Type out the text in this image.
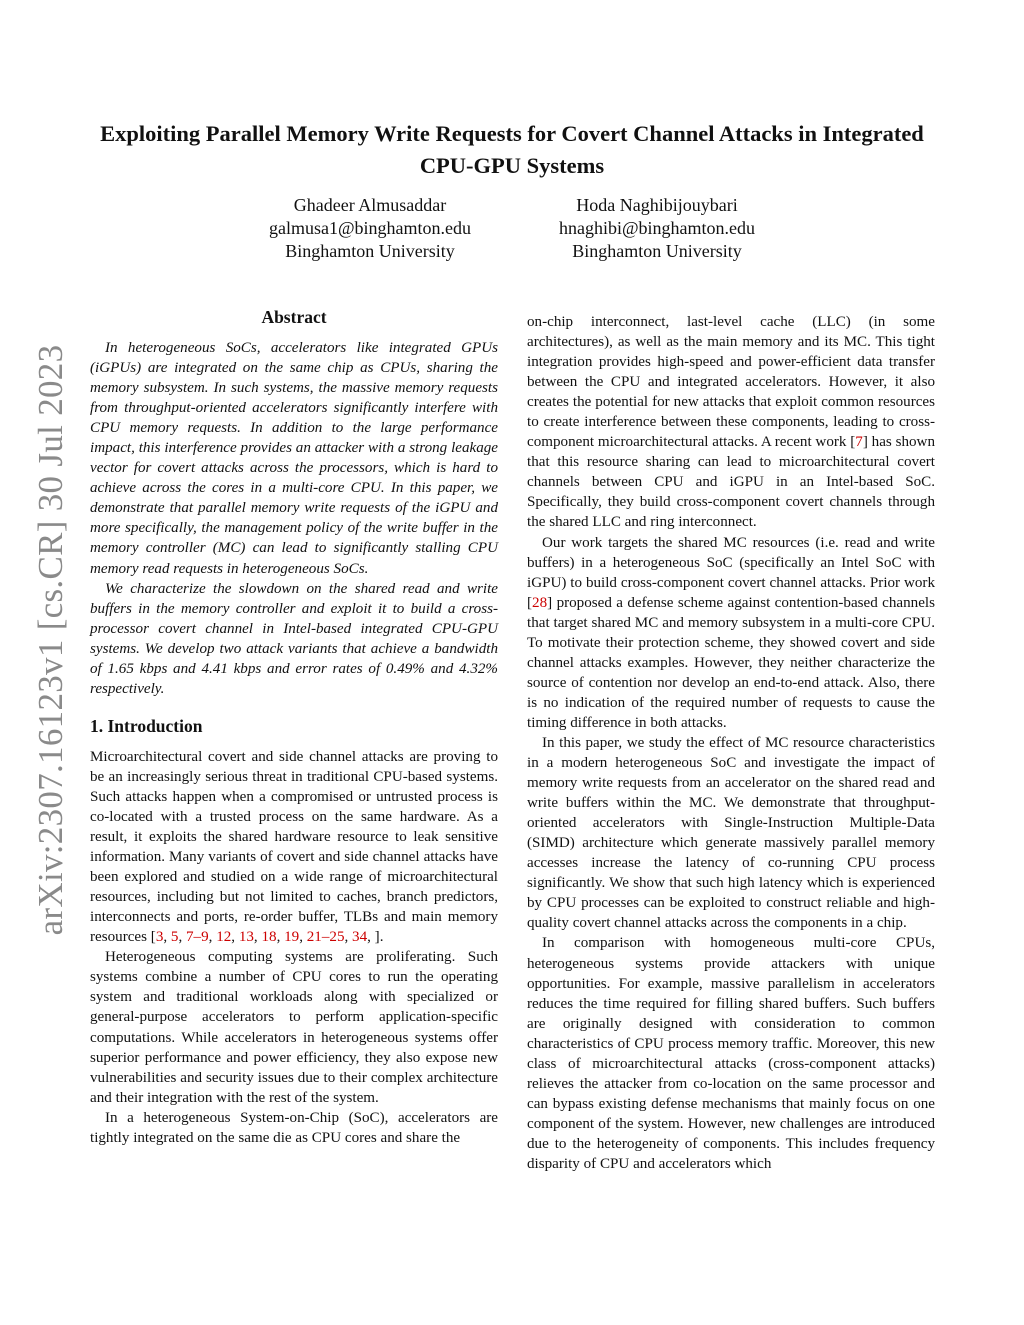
arXiv:2307.16123v1 [cs.CR] 30 Jul 2023
Exploiting Parallel Memory Write Requests for Covert Channel Attacks in Integrated CPU-GPU Systems
Ghadeer Almusaddar
galmusa1@binghamton.edu
Binghamton University
Hoda Naghibijouybari
hnaghibi@binghamton.edu
Binghamton University
Abstract

In heterogeneous SoCs, accelerators like integrated GPUs (iGPUs) are integrated on the same chip as CPUs, sharing the memory subsystem. In such systems, the massive memory requests from throughput-oriented accelerators significantly interfere with CPU memory requests. In addition to the large performance impact, this interference provides an attacker with a strong leakage vector for covert attacks across the processors, which is hard to achieve across the cores in a multi-core CPU. In this paper, we demonstrate that parallel memory write requests of the iGPU and more specifically, the management policy of the write buffer in the memory controller (MC) can lead to significantly stalling CPU memory read requests in heterogeneous SoCs.

We characterize the slowdown on the shared read and write buffers in the memory controller and exploit it to build a cross-processor covert channel in Intel-based integrated CPU-GPU systems. We develop two attack variants that achieve a bandwidth of 1.65 kbps and 4.41 kbps and error rates of 0.49% and 4.32% respectively.

1. Introduction

Microarchitectural covert and side channel attacks are proving to be an increasingly serious threat in traditional CPU-based systems. Such attacks happen when a compromised or untrusted process is co-located with a trusted process on the same hardware. As a result, it exploits the shared hardware resource to leak sensitive information. Many variants of covert and side channel attacks have been explored and studied on a wide range of microarchitectural resources, including but not limited to caches, branch predictors, interconnects and ports, re-order buffer, TLBs and main memory resources [3, 5, 7–9, 12, 13, 18, 19, 21–25, 34, ].

Heterogeneous computing systems are proliferating. Such systems combine a number of CPU cores to run the operating system and traditional workloads along with specialized or general-purpose accelerators to perform application-specific computations. While accelerators in heterogeneous systems offer superior performance and power efficiency, they also expose new vulnerabilities and security issues due to their complex architecture and their integration with the rest of the system.

In a heterogeneous System-on-Chip (SoC), accelerators are tightly integrated on the same die as CPU cores and share the

on-chip interconnect, last-level cache (LLC) (in some architectures), as well as the main memory and its MC. This tight integration provides high-speed and power-efficient data transfer between the CPU and integrated accelerators. However, it also creates the potential for new attacks that exploit common resources to create interference between these components, leading to cross-component microarchitectural attacks. A recent work [7] has shown that this resource sharing can lead to microarchitectural covert channels between CPU and iGPU in an Intel-based SoC. Specifically, they build cross-component covert channels through the shared LLC and ring interconnect.

Our work targets the shared MC resources (i.e. read and write buffers) in a heterogeneous SoC (specifically an Intel SoC with iGPU) to build cross-component covert channel attacks. Prior work [28] proposed a defense scheme against contention-based channels that target shared MC and memory subsystem in a multi-core CPU. To motivate their protection scheme, they showed covert and side channel attacks examples. However, they neither characterize the source of contention nor develop an end-to-end attack. Also, there is no indication of the required number of requests to cause the timing difference in both attacks.

In this paper, we study the effect of MC resource characteristics in a modern heterogeneous SoC and investigate the impact of memory write requests from an accelerator on the shared read and write buffers within the MC. We demonstrate that throughput-oriented accelerators with Single-Instruction Multiple-Data (SIMD) architecture which generate massively parallel memory accesses increase the latency of co-running CPU process significantly. We show that such high latency which is experienced by CPU processes can be exploited to construct reliable and high-quality covert channel attacks across the components in a chip.

In comparison with homogeneous multi-core CPUs, heterogeneous systems provide attackers with unique opportunities. For example, massive parallelism in accelerators reduces the time required for filling shared buffers. Such buffers are originally designed with consideration to common characteristics of CPU process memory traffic. Moreover, this new class of microarchitectural attacks (cross-component attacks) relieves the attacker from co-location on the same processor and can bypass existing defense mechanisms that mainly focus on one component of the system. However, new challenges are introduced due to the heterogeneity of components. This includes frequency disparity of CPU and accelerators which
